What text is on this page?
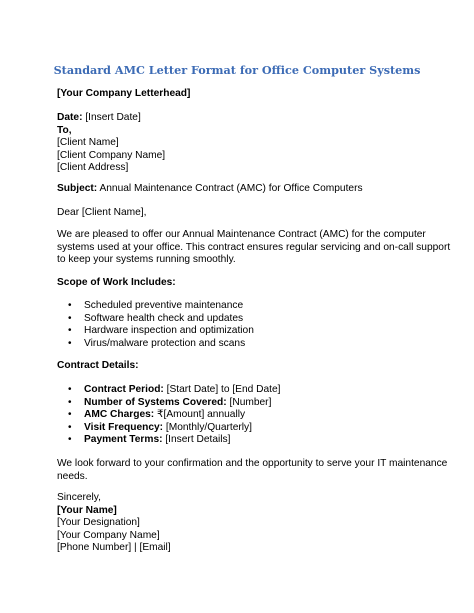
Standard AMC Letter Format for Office Computer Systems
[Your Company Letterhead]
Date: [Insert Date]
To,
[Client Name]
[Client Company Name]
[Client Address]
Subject: Annual Maintenance Contract (AMC) for Office Computers
Dear [Client Name],
We are pleased to offer our Annual Maintenance Contract (AMC) for the computer
systems used at your office. This contract ensures regular servicing and on-call support
to keep your systems running smoothly.
Scope of Work Includes:
• Scheduled preventive maintenance
• Software health check and updates
• Hardware inspection and optimization
• Virus/malware protection and scans
Contract Details:
• Contract Period: [Start Date] to [End Date]
• Number of Systems Covered: [Number]
• AMC Charges: ₹[Amount] annually
• Visit Frequency: [Monthly/Quarterly]
• Payment Terms: [Insert Details]
We look forward to your confirmation and the opportunity to serve your IT maintenance
needs.
Sincerely,
[Your Name]
[Your Designation]
[Your Company Name]
[Phone Number] | [Email]
